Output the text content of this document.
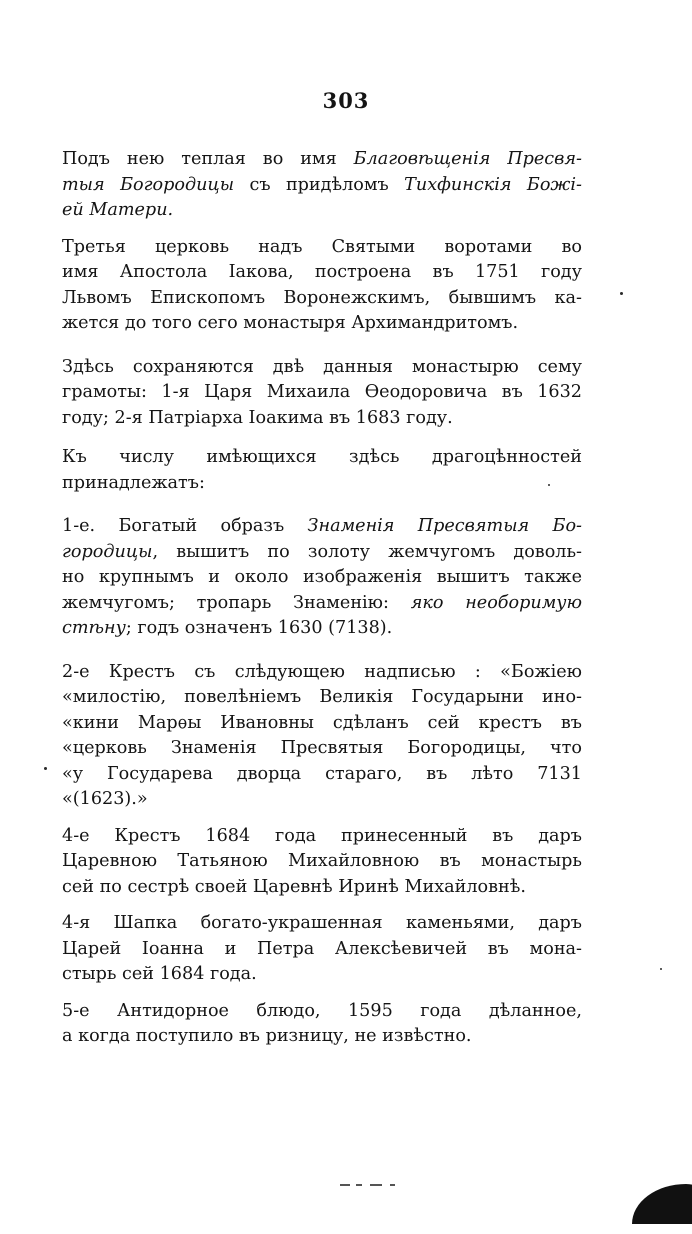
303
Подъ нею теплая во имя Благовѣщенія Пресвя-
тыя Богородицы съ придѣломъ Тихфинскія Божі-
ей Матери.
Третья церковь надъ Святыми воротами во
имя Апостола Іакова, построена въ 1751 году
Львомъ Епископомъ Воронежскимъ, бывшимъ ка-
жется до того сего монастыря Архимандритомъ.
Здѣсь сохраняются двѣ данныя монастырю сему
грамоты: 1-я Царя Михаила Ѳеодоровича въ 1632
году; 2-я Патріарха Іоакима въ 1683 году.
Къ числу имѣющихся здѣсь драгоцѣнностей
принадлежатъ:
1-е. Богатый образъ Знаменія Пресвятыя Бо-
городицы, вышитъ по золоту жемчугомъ доволь-
но крупнымъ и около изображенія вышитъ также
жемчугомъ; тропарь Знаменію: яко необоримую
стѣну; годъ означенъ 1630 (7138).
2-е Крестъ съ слѣдующею надписью : «Божіею
«милостію, повелѣніемъ Великія Государыни ино-
«кини Марѳы Ивановны сдѣланъ сей крестъ въ
«церковь Знаменія Пресвятыя Богородицы, что
«у Государева дворца стараго, въ лѣто 7131
«(1623).»
4-е Крестъ 1684 года принесенный въ даръ
Царевною Татьяною Михайловною въ монастырь
сей по сестрѣ своей Царевнѣ Иринѣ Михайловнѣ.
4-я Шапка богато-украшенная каменьями, даръ
Царей Іоанна и Петра Алексѣевичей въ мона-
стырь сей 1684 года.
5-е Антидорное блюдо, 1595 года дѣланное,
а когда поступило въ ризницу, не извѣстно.
